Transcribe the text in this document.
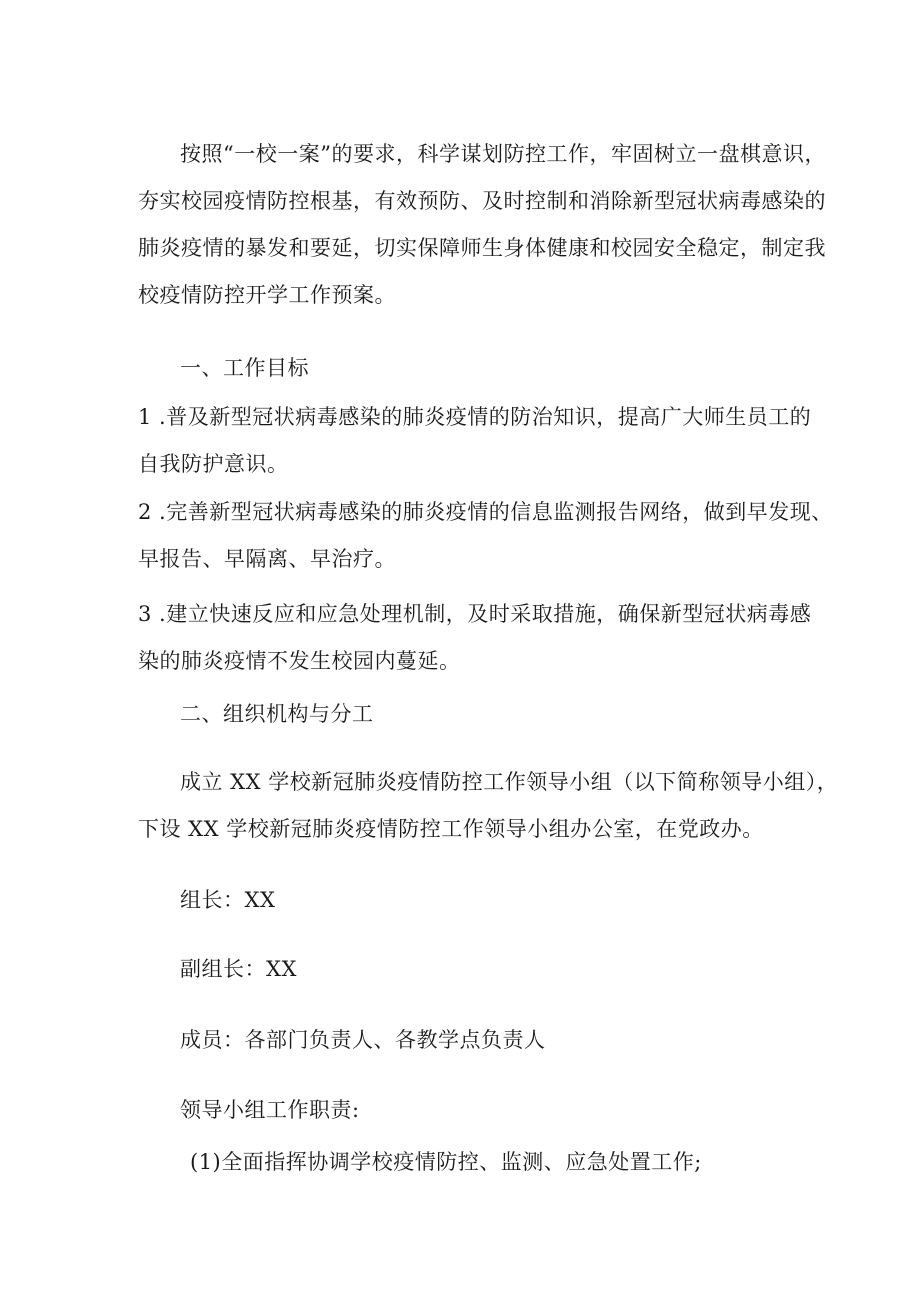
按照“一校一案”的要求，科学谋划防控工作，牢固树立一盘棋意识，

夯实校园疫情防控根基，有效预防、及时控制和消除新型冠状病毒感染的

肺炎疫情的暴发和要延，切实保障师生身体健康和校园安全稳定，制定我

校疫情防控开学工作预案。

一、工作目标

1 .普及新型冠状病毒感染的肺炎疫情的防治知识，提高广大师生员工的

自我防护意识。

2 .完善新型冠状病毒感染的肺炎疫情的信息监测报告网络，做到早发现、

早报告、早隔离、早治疗。

3 .建立快速反应和应急处理机制，及时采取措施，确保新型冠状病毒感

染的肺炎疫情不发生校园内蔓延。

二、组织机构与分工

成立 XX 学校新冠肺炎疫情防控工作领导小组（以下简称领导小组），

下设 XX 学校新冠肺炎疫情防控工作领导小组办公室，在党政办。

组长：XX

副组长：XX

成员：各部门负责人、各教学点负责人

领导小组工作职责:

(1)全面指挥协调学校疫情防控、监测、应急处置工作;
